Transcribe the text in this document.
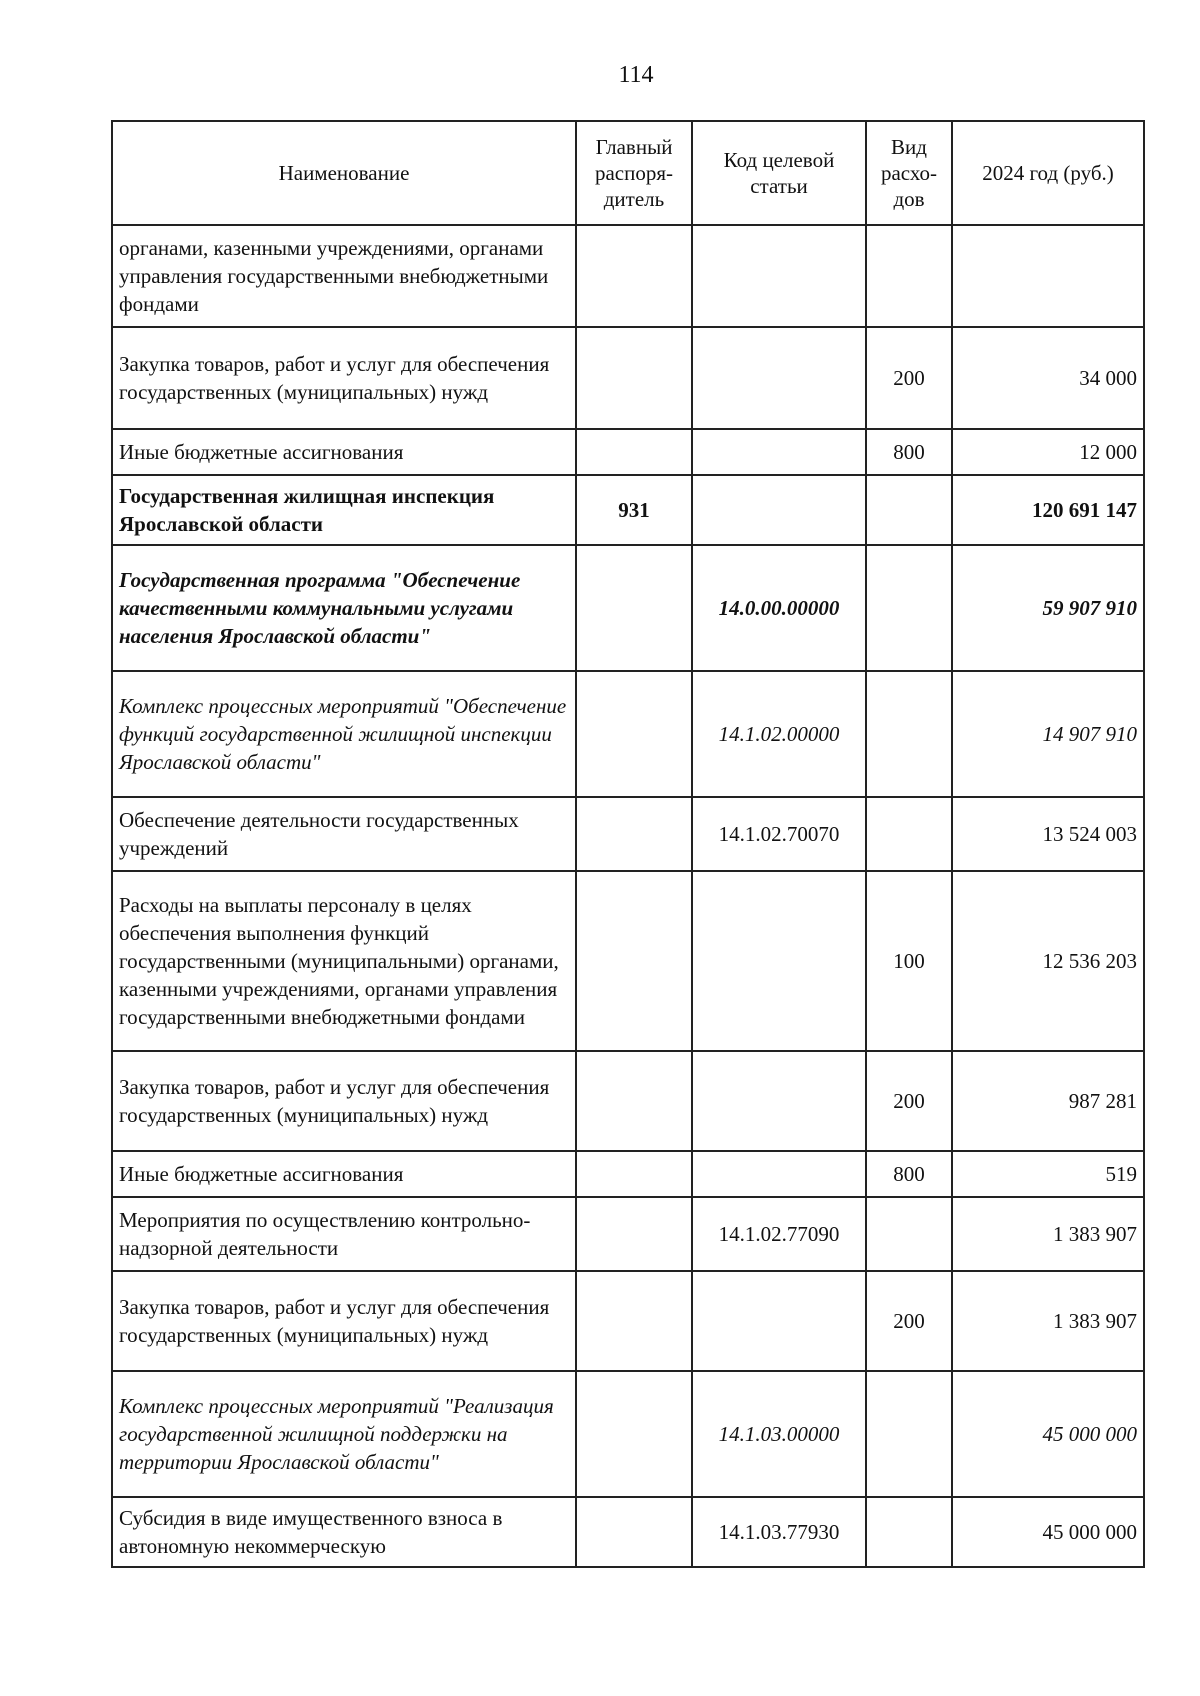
114
Наименование	Главный распоря-дитель	Код целевой статьи	Вид расхо-дов	2024 год (руб.)
органами, казенными учреждениями, органами управления государственными внебюджетными фондами				
Закупка товаров, работ и услуг для обеспечения государственных (муниципальных) нужд			200	34 000
Иные бюджетные ассигнования			800	12 000
Государственная жилищная инспекция Ярославской области	931			120 691 147
Государственная программа "Обеспечение качественными коммунальными услугами населения Ярославской области"		14.0.00.00000		59 907 910
Комплекс процессных мероприятий "Обеспечение функций государственной жилищной инспекции Ярославской области"		14.1.02.00000		14 907 910
Обеспечение деятельности государственных учреждений		14.1.02.70070		13 524 003
Расходы на выплаты персоналу в целях обеспечения выполнения функций государственными (муниципальными) органами, казенными учреждениями, органами управления государственными внебюджетными фондами			100	12 536 203
Закупка товаров, работ и услуг для обеспечения государственных (муниципальных) нужд			200	987 281
Иные бюджетные ассигнования			800	519
Мероприятия по осуществлению контрольно-надзорной деятельности		14.1.02.77090		1 383 907
Закупка товаров, работ и услуг для обеспечения государственных (муниципальных) нужд			200	1 383 907
Комплекс процессных мероприятий "Реализация государственной жилищной поддержки на территории Ярославской области"		14.1.03.00000		45 000 000
Субсидия в виде имущественного взноса в автономную некоммерческую		14.1.03.77930		45 000 000
